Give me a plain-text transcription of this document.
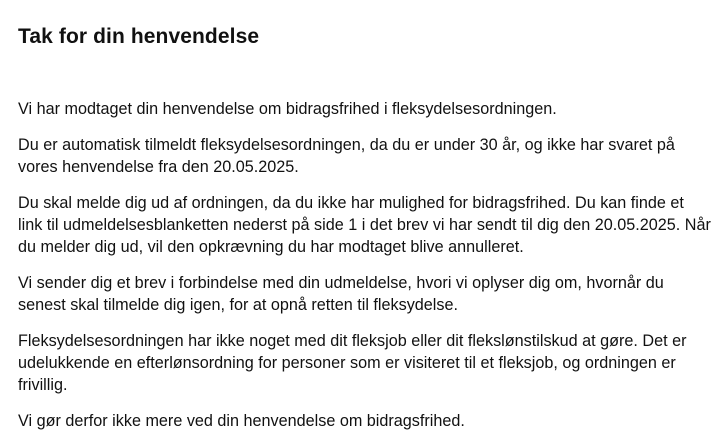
Tak for din henvendelse

Vi har modtaget din henvendelse om bidragsfrihed i fleksydelsesordningen.

Du er automatisk tilmeldt fleksydelsesordningen, da du er under 30 år, og ikke har svaret på vores henvendelse fra den 20.05.2025.

Du skal melde dig ud af ordningen, da du ikke har mulighed for bidragsfrihed. Du kan finde et link til udmeldelsesblanketten nederst på side 1 i det brev vi har sendt til dig den 20.05.2025. Når du melder dig ud, vil den opkrævning du har modtaget blive annulleret.

Vi sender dig et brev i forbindelse med din udmeldelse, hvori vi oplyser dig om, hvornår du senest skal tilmelde dig igen, for at opnå retten til fleksydelse.

Fleksydelsesordningen har ikke noget med dit fleksjob eller dit flekslønstilskud at gøre. Det er udelukkende en efterlønsordning for personer som er visiteret til et fleksjob, og ordningen er frivillig.

Vi gør derfor ikke mere ved din henvendelse om bidragsfrihed.
